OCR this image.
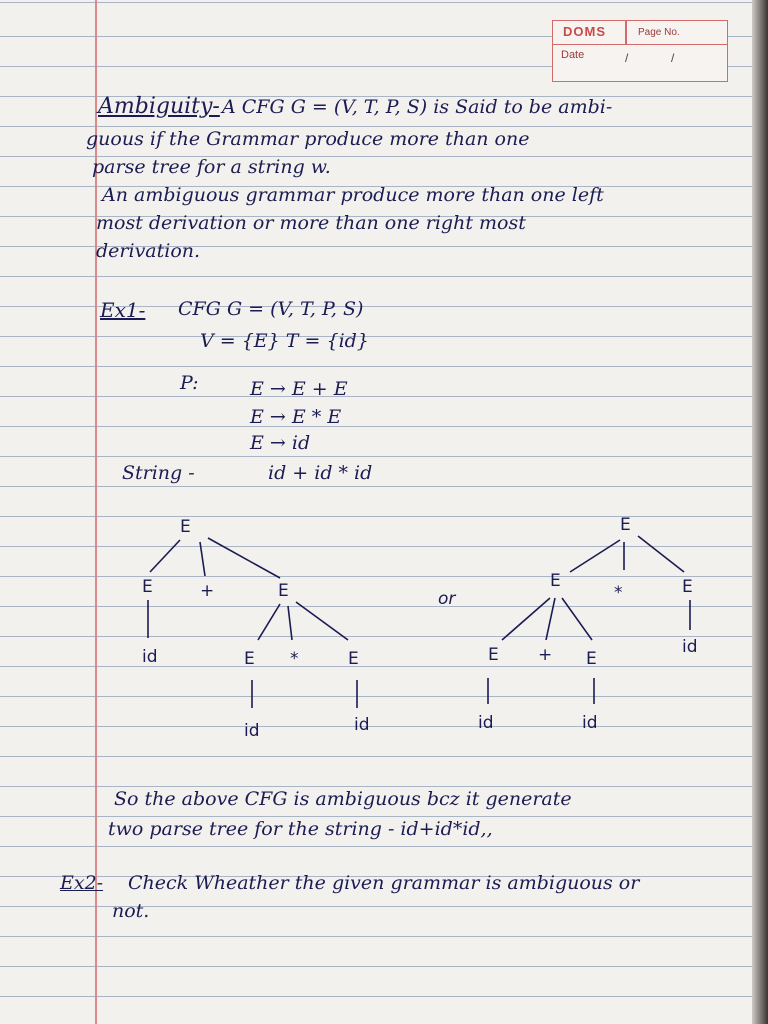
DOMS	Page No.
Date	/	/
Ambiguity- A CFG G = (V, T, P, S) is Said to be ambi-
guous if the Grammar produce more than one
parse tree for a string w.
An ambiguous grammar produce more than one left
most derivation or more than one right most
derivation.
Ex1- CFG G = (V, T, P, S)
V = {E} T = {id}
P:	E → E + E
E → E * E
E → id
String -	id + id * id
E
E	+	E
id	E *	E
id	id
or
E
E
*	E
E + E
id
id	id
So the above CFG is ambiguous bcz it generate
two parse tree for the string - id+id*id,,
Ex2- Check Wheather the given grammar is ambiguous or
not.
